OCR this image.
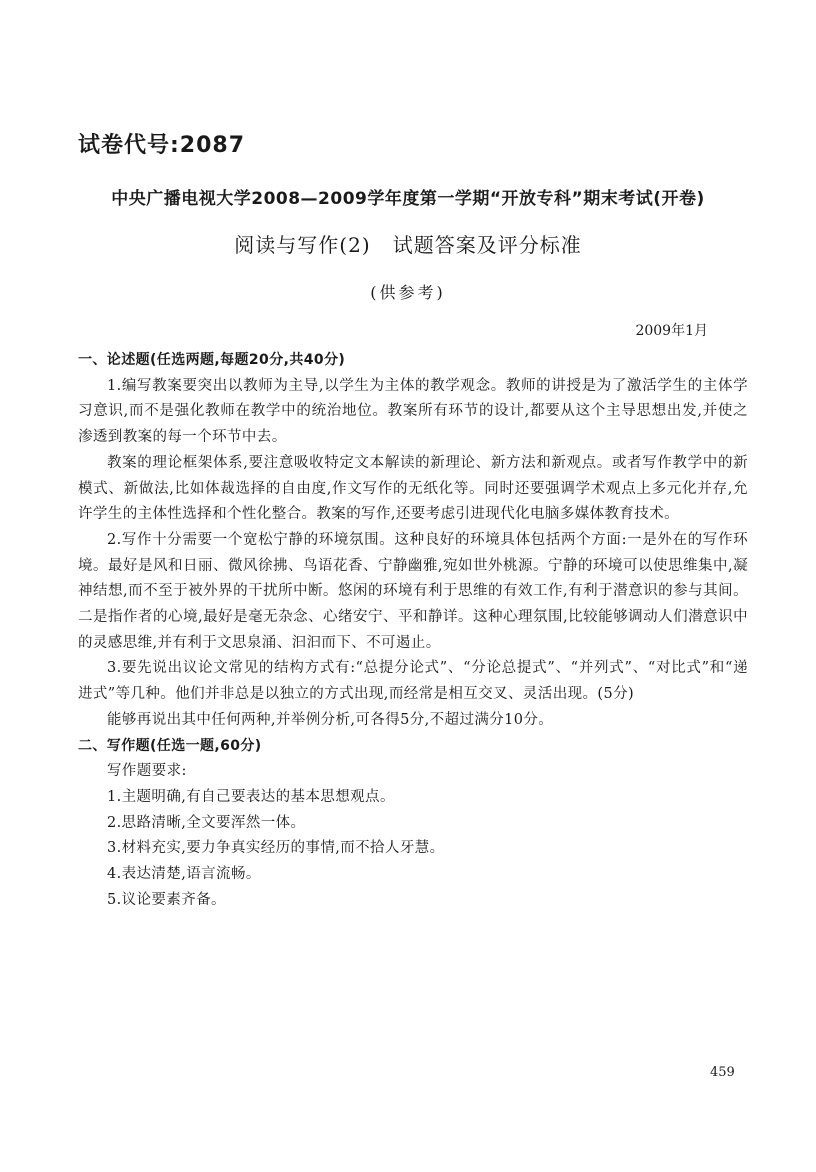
试卷代号:2087
中央广播电视大学2008—2009学年度第一学期“开放专科”期末考试(开卷)
阅读与写作(2)   试题答案及评分标准
(供参考)
2009年1月

一、论述题(任选两题,每题20分,共40分)

1.编写教案要突出以教师为主导,以学生为主体的教学观念。教师的讲授是为了激活学生的主体学习意识,而不是强化教师在教学中的统治地位。教案所有环节的设计,都要从这个主导思想出发,并使之渗透到教案的每一个环节中去。

教案的理论框架体系,要注意吸收特定文本解读的新理论、新方法和新观点。或者写作教学中的新模式、新做法,比如体裁选择的自由度,作文写作的无纸化等。同时还要强调学术观点上多元化并存,允许学生的主体性选择和个性化整合。教案的写作,还要考虑引进现代化电脑多媒体教育技术。

2.写作十分需要一个宽松宁静的环境氛围。这种良好的环境具体包括两个方面:一是外在的写作环境。最好是风和日丽、微风徐拂、鸟语花香、宁静幽雅,宛如世外桃源。宁静的环境可以使思维集中,凝神结想,而不至于被外界的干扰所中断。悠闲的环境有利于思维的有效工作,有利于潜意识的参与其间。二是指作者的心境,最好是毫无杂念、心绪安宁、平和静详。这种心理氛围,比较能够调动人们潜意识中的灵感思维,并有利于文思泉涌、汩汩而下、不可遏止。

3.要先说出议论文常见的结构方式有:“总提分论式”、“分论总提式”、“并列式”、“对比式”和“递进式”等几种。他们并非总是以独立的方式出现,而经常是相互交叉、灵活出现。(5分)

能够再说出其中任何两种,并举例分析,可各得5分,不超过满分10分。

二、写作题(任选一题,60分)

写作题要求:

1.主题明确,有自己要表达的基本思想观点。

2.思路清晰,全文要浑然一体。

3.材料充实,要力争真实经历的事情,而不拾人牙慧。

4.表达清楚,语言流畅。

5.议论要素齐备。

459
